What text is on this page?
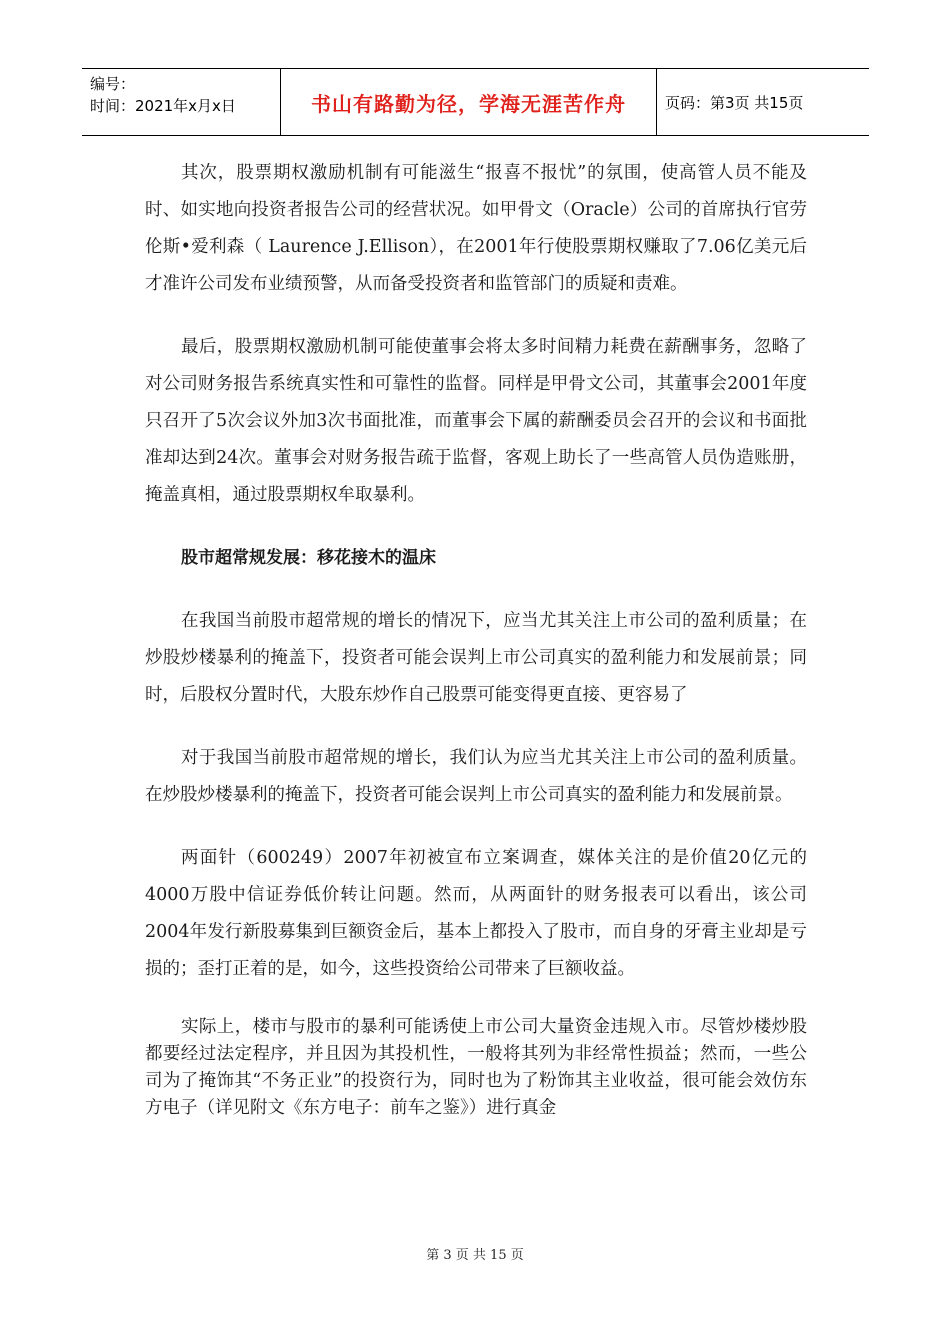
编号：
时间：2021年x月x日	书山有路勤为径，学海无涯苦作舟	页码：第3页 共15页

其次，股票期权激励机制有可能滋生“报喜不报忧”的氛围，使高管人员不能及时、如实地向投资者报告公司的经营状况。如甲骨文（Oracle）公司的首席执行官劳伦斯•爱利森（ Laurence J.Ellison），在2001年行使股票期权赚取了7.06亿美元后才准许公司发布业绩预警，从而备受投资者和监管部门的质疑和责难。

最后，股票期权激励机制可能使董事会将太多时间精力耗费在薪酬事务，忽略了对公司财务报告系统真实性和可靠性的监督。同样是甲骨文公司，其董事会2001年度只召开了5次会议外加3次书面批准，而董事会下属的薪酬委员会召开的会议和书面批准却达到24次。董事会对财务报告疏于监督，客观上助长了一些高管人员伪造账册，掩盖真相，通过股票期权牟取暴利。

股市超常规发展：移花接木的温床

在我国当前股市超常规的增长的情况下，应当尤其关注上市公司的盈利质量；在炒股炒楼暴利的掩盖下，投资者可能会误判上市公司真实的盈利能力和发展前景；同时，后股权分置时代，大股东炒作自己股票可能变得更直接、更容易了

对于我国当前股市超常规的增长，我们认为应当尤其关注上市公司的盈利质量。在炒股炒楼暴利的掩盖下，投资者可能会误判上市公司真实的盈利能力和发展前景。

两面针（600249）2007年初被宣布立案调查，媒体关注的是价值20亿元的4000万股中信证券低价转让问题。然而，从两面针的财务报表可以看出，该公司2004年发行新股募集到巨额资金后，基本上都投入了股市，而自身的牙膏主业却是亏损的；歪打正着的是，如今，这些投资给公司带来了巨额收益。

实际上，楼市与股市的暴利可能诱使上市公司大量资金违规入市。尽管炒楼炒股都要经过法定程序，并且因为其投机性，一般将其列为非经常性损益；然而，一些公司为了掩饰其“不务正业”的投资行为，同时也为了粉饰其主业收益，很可能会效仿东方电子（详见附文《东方电子：前车之鉴》）进行真金

第 3 页 共 15 页
